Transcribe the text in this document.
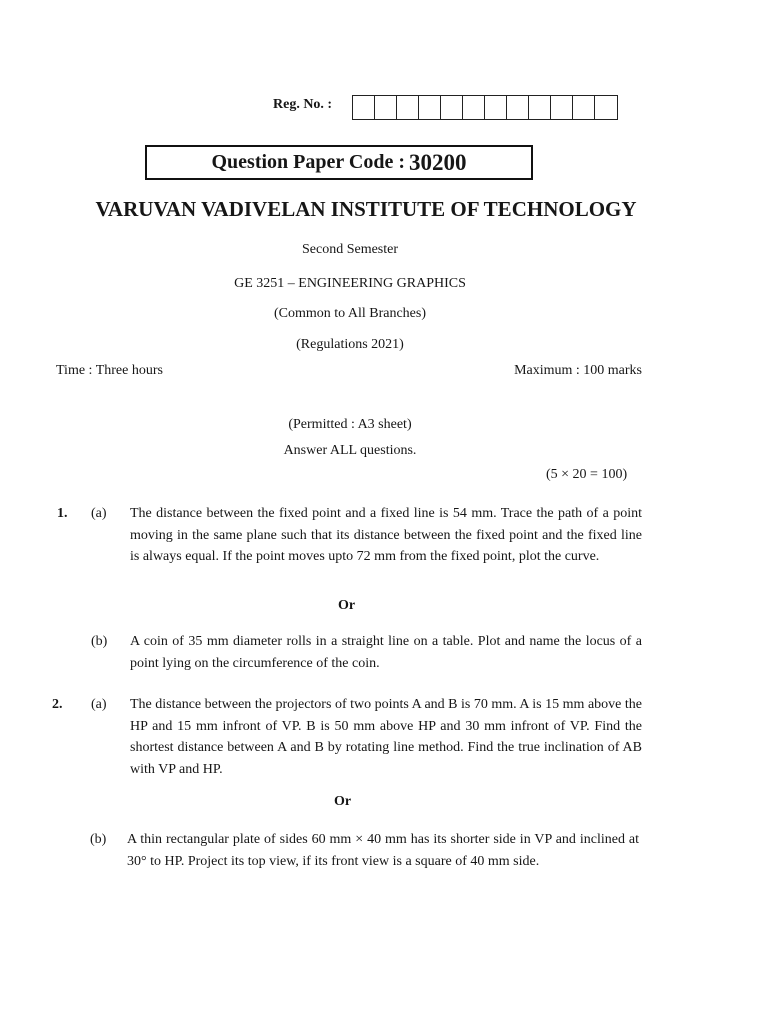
Reg. No. :
Question Paper Code : 30200
VARUVAN VADIVELAN INSTITUTE OF TECHNOLOGY
Second Semester
GE 3251 – ENGINEERING GRAPHICS
(Common to All Branches)
(Regulations 2021)
Time : Three hours	Maximum : 100 marks
(Permitted : A3 sheet)
Answer ALL questions.
(5 × 20 = 100)
1. (a) The distance between the fixed point and a fixed line is 54 mm. Trace the path of a point moving in the same plane such that its distance between the fixed point and the fixed line is always equal. If the point moves upto 72 mm from the fixed point, plot the curve.
Or
(b) A coin of 35 mm diameter rolls in a straight line on a table. Plot and name the locus of a point lying on the circumference of the coin.
2. (a) The distance between the projectors of two points A and B is 70 mm. A is 15 mm above the HP and 15 mm infront of VP. B is 50 mm above HP and 30 mm infront of VP. Find the shortest distance between A and B by rotating line method. Find the true inclination of AB with VP and HP.
Or
(b) A thin rectangular plate of sides 60 mm × 40 mm has its shorter side in VP and inclined at 30° to HP. Project its top view, if its front view is a square of 40 mm side.
